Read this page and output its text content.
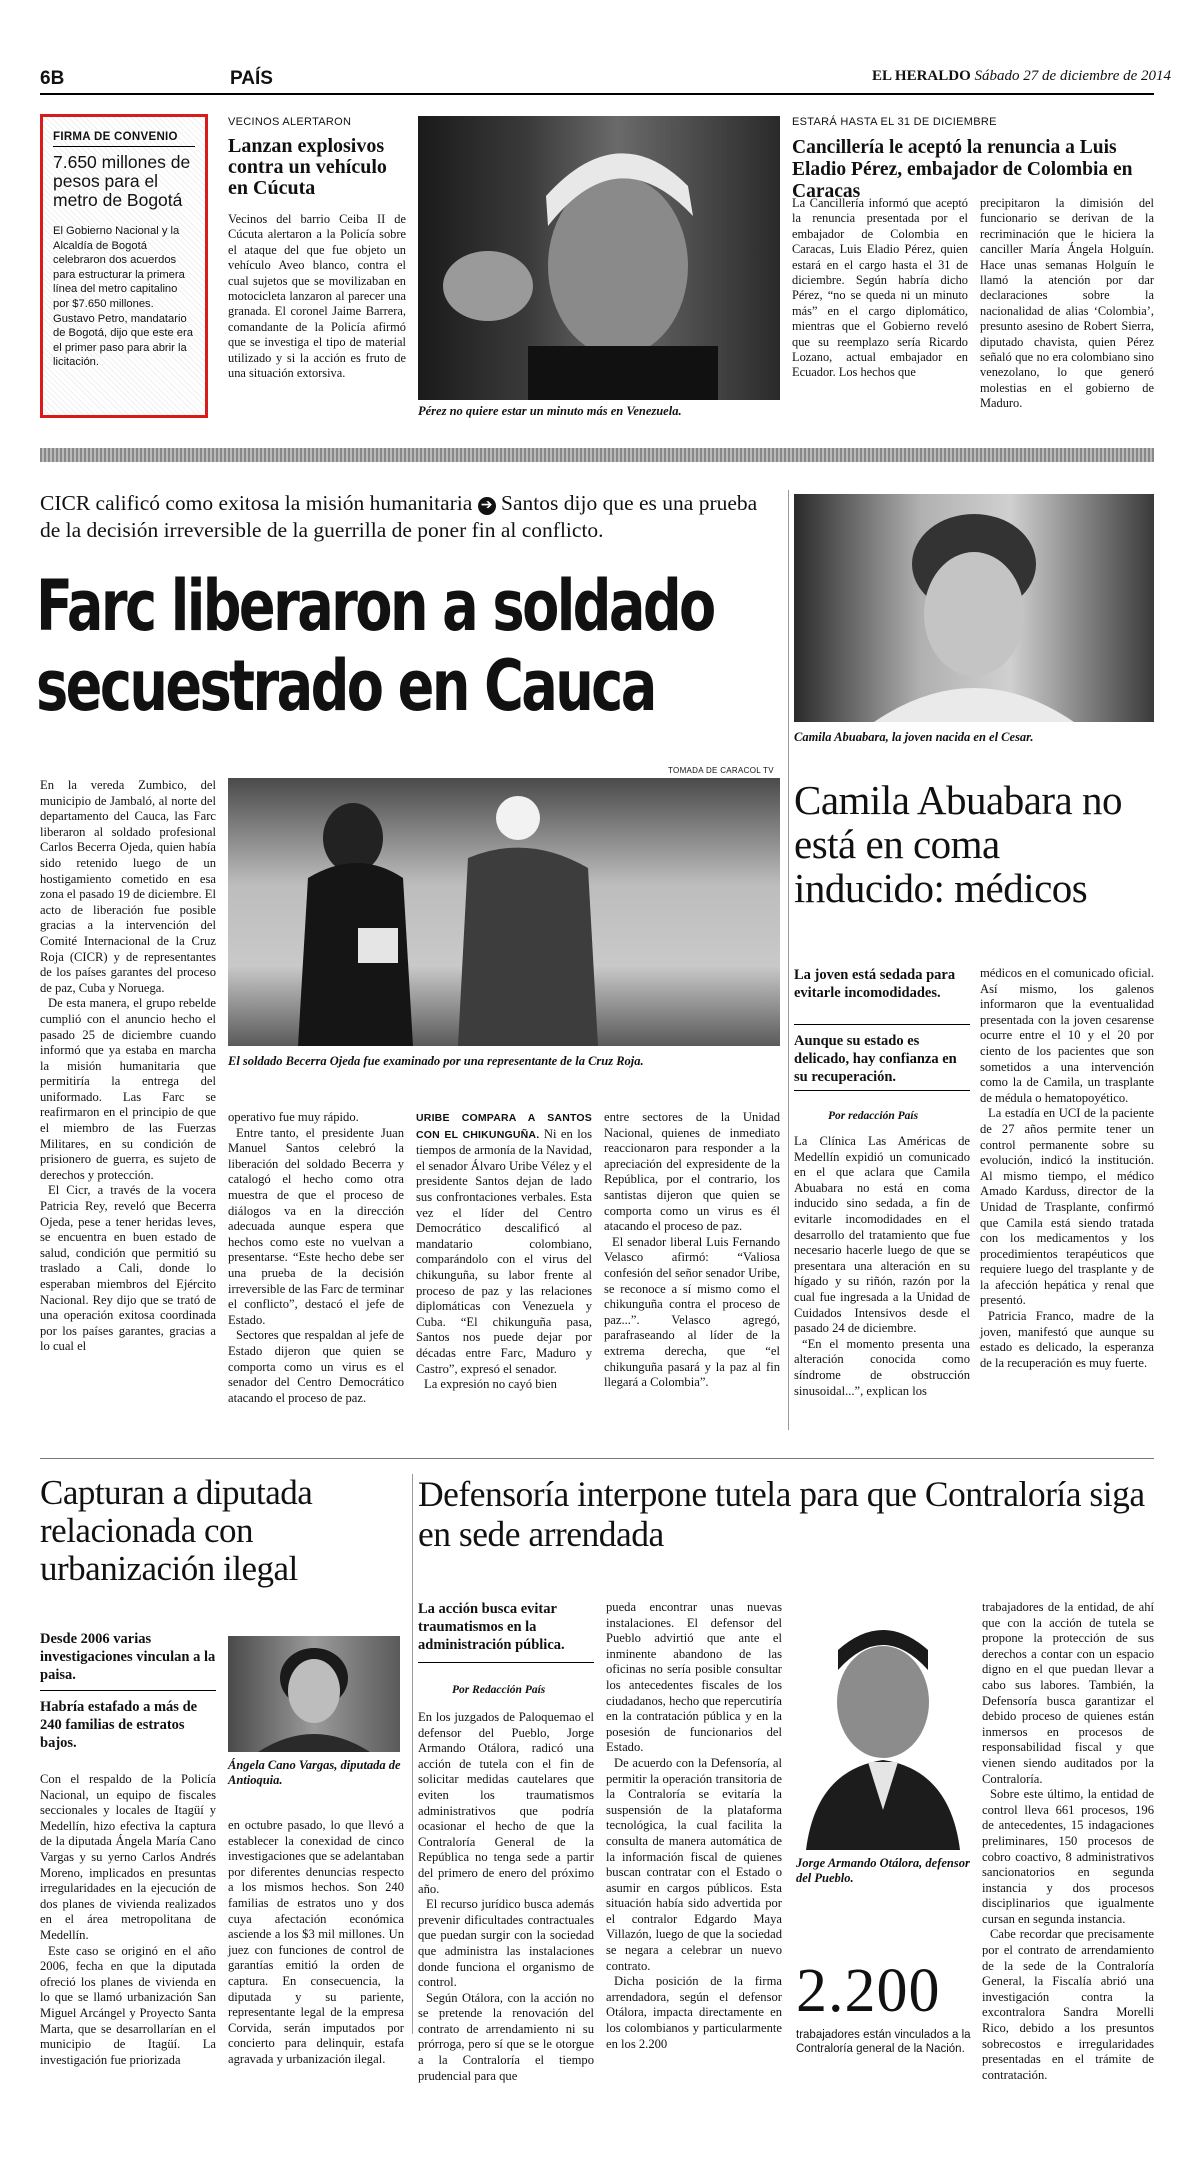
6B	PAÍS	EL HERALDO Sábado 27 de diciembre de 2014
FIRMA DE CONVENIO
7.650 millones de pesos para el metro de Bogotá
El Gobierno Nacional y la Alcaldía de Bogotá celebraron dos acuerdos para estructurar la primera línea del metro capitalino por $7.650 millones. Gustavo Petro, mandatario de Bogotá, dijo que este era el primer paso para abrir la licitación.
VECINOS ALERTARON
Lanzan explosivos contra un vehículo en Cúcuta
Vecinos del barrio Ceiba II de Cúcuta alertaron a la Policía sobre el ataque del que fue objeto un vehículo Aveo blanco, contra el cual sujetos que se movilizaban en motocicleta lanzaron al parecer una granada. El coronel Jaime Barrera, comandante de la Policía afirmó que se investiga el tipo de material utilizado y si la acción es fruto de una situación extorsiva.
Pérez no quiere estar un minuto más en Venezuela.
ESTARÁ HASTA EL 31 DE DICIEMBRE
Cancillería le aceptó la renuncia a Luis Eladio Pérez, embajador de Colombia en Caracas
La Cancillería informó que aceptó la renuncia presentada por el embajador de Colombia en Caracas, Luis Eladio Pérez, quien estará en el cargo hasta el 31 de diciembre. Según habría dicho Pérez, “no se queda ni un minuto más” en el cargo diplomático, mientras que el Gobierno reveló que su reemplazo sería Ricardo Lozano, actual embajador en Ecuador. Los hechos que
precipitaron la dimisión del funcionario se derivan de la recriminación que le hiciera la canciller María Ángela Holguín. Hace unas semanas Holguín le llamó la atención por dar declaraciones sobre la nacionalidad de alias ‘Colombia’, presunto asesino de Robert Sierra, diputado chavista, quien Pérez señaló que no era colombiano sino venezolano, lo que generó molestias en el gobierno de Maduro.
CICR calificó como exitosa la misión humanitaria ➔ Santos dijo que es una prueba de la decisión irreversible de la guerrilla de poner fin al conflicto.
Farc liberaron a soldado
secuestrado en Cauca
TOMADA DE CARACOL TV
El soldado Becerra Ojeda fue examinado por una representante de la Cruz Roja.

En la vereda Zumbico, del municipio de Jambaló, al norte del departamento del Cauca, las Farc liberaron al soldado profesional Carlos Becerra Ojeda, quien había sido retenido luego de un hostigamiento cometido en esa zona el pasado 19 de diciembre. El acto de liberación fue posible gracias a la intervención del Comité Internacional de la Cruz Roja (CICR) y de representantes de los países garantes del proceso de paz, Cuba y Noruega.

De esta manera, el grupo rebelde cumplió con el anuncio hecho el pasado 25 de diciembre cuando informó que ya estaba en marcha la misión humanitaria que permitiría la entrega del uniformado. Las Farc se reafirmaron en el principio de que el miembro de las Fuerzas Militares, en su condición de prisionero de guerra, es sujeto de derechos y protección.

El Cicr, a través de la vocera Patricia Rey, reveló que Becerra Ojeda, pese a tener heridas leves, se encuentra en buen estado de salud, condición que permitió su traslado a Cali, donde lo esperaban miembros del Ejército Nacional. Rey dijo que se trató de una operación exitosa coordinada por los países garantes, gracias a lo cual el

operativo fue muy rápido.

Entre tanto, el presidente Juan Manuel Santos celebró la liberación del soldado Becerra y catalogó el hecho como otra muestra de que el proceso de diálogos va en la dirección adecuada aunque espera que hechos como este no vuelvan a presentarse. “Este hecho debe ser una prueba de la decisión irreversible de las Farc de terminar el conflicto”, destacó el jefe de Estado.

Sectores que respaldan al jefe de Estado dijeron que quien se comporta como un virus es el senador del Centro Democrático atacando el proceso de paz.

URIBE COMPARA A SANTOS CON EL CHIKUNGUÑA. Ni en los tiempos de armonía de la Navidad, el senador Álvaro Uribe Vélez y el presidente Santos dejan de lado sus confrontaciones verbales. Esta vez el líder del Centro Democrático descalificó al mandatario colombiano, comparándolo con el virus del chikunguña, su labor frente al proceso de paz y las relaciones diplomáticas con Venezuela y Cuba. “El chikunguña pasa, Santos nos puede dejar por décadas entre Farc, Maduro y Castro”, expresó el senador.

La expresión no cayó bien

entre sectores de la Unidad Nacional, quienes de inmediato reaccionaron para responder a la apreciación del expresidente de la República, por el contrario, los santistas dijeron que quien se comporta como un virus es él atacando el proceso de paz.

El senador liberal Luis Fernando Velasco afirmó: “Valiosa confesión del señor senador Uribe, se reconoce a sí mismo como el chikunguña contra el proceso de paz...”. Velasco agregó, parafraseando al líder de la extrema derecha, que “el chikunguña pasará y la paz al fin llegará a Colombia”.

Camila Abuabara, la joven nacida en el Cesar.
Camila Abuabara no está en coma inducido: médicos
La joven está sedada para evitarle incomodidades.
Aunque su estado es delicado, hay confianza en su recuperación.
Por redacción País

La Clínica Las Américas de Medellín expidió un comunicado en el que aclara que Camila Abuabara no está en coma inducido sino sedada, a fin de evitarle incomodidades en el desarrollo del tratamiento que fue necesario hacerle luego de que se presentara una alteración en su hígado y su riñón, razón por la cual fue ingresada a la Unidad de Cuidados Intensivos desde el pasado 24 de diciembre.

“En el momento presenta una alteración conocida como síndrome de obstrucción sinusoidal...”, explican los

médicos en el comunicado oficial. Así mismo, los galenos informaron que la eventualidad presentada con la joven cesarense ocurre entre el 10 y el 20 por ciento de los pacientes que son sometidos a una intervención como la de Camila, un trasplante de médula o hematopoyético.

La estadía en UCI de la paciente de 27 años permite tener un control permanente sobre su evolución, indicó la institución. Al mismo tiempo, el médico Amado Karduss, director de la Unidad de Trasplante, confirmó que Camila está siendo tratada con los medicamentos y los procedimientos terapéuticos que requiere luego del trasplante y de la afección hepática y renal que presentó.

Patricia Franco, madre de la joven, manifestó que aunque su estado es delicado, la esperanza de la recuperación es muy fuerte.

Capturan a diputada relacionada con urbanización ilegal
Desde 2006 varias investigaciones vinculan a la paisa.
Habría estafado a más de 240 familias de estratos bajos.
Ángela Cano Vargas, diputada de Antioquia.

Con el respaldo de la Policía Nacional, un equipo de fiscales seccionales y locales de Itagüí y Medellín, hizo efectiva la captura de la diputada Ángela María Cano Vargas y su yerno Carlos Andrés Moreno, implicados en presuntas irregularidades en la ejecución de dos planes de vivienda realizados en el área metropolitana de Medellín.

Este caso se originó en el año 2006, fecha en que la diputada ofreció los planes de vivienda en lo que se llamó urbanización San Miguel Arcángel y Proyecto Santa Marta, que se desarrollarían en el municipio de Itagüí. La investigación fue priorizada

en octubre pasado, lo que llevó a establecer la conexidad de cinco investigaciones que se adelantaban por diferentes denuncias respecto a los mismos hechos. Son 240 familias de estratos uno y dos cuya afectación económica asciende a los $3 mil millones. Un juez con funciones de control de garantías emitió la orden de captura. En consecuencia, la diputada y su pariente, representante legal de la empresa Corvida, serán imputados por concierto para delinquir, estafa agravada y urbanización ilegal.
Defensoría interpone tutela para que Contraloría siga en sede arrendada
La acción busca evitar traumatismos en la administración pública.
Por Redacción País

En los juzgados de Paloquemao el defensor del Pueblo, Jorge Armando Otálora, radicó una acción de tutela con el fin de solicitar medidas cautelares que eviten los traumatismos administrativos que podría ocasionar el hecho de que la Contraloría General de la República no tenga sede a partir del primero de enero del próximo año.

El recurso jurídico busca además prevenir dificultades contractuales que puedan surgir con la sociedad que administra las instalaciones donde funciona el organismo de control.

Según Otálora, con la acción no se pretende la renovación del contrato de arrendamiento ni su prórroga, pero sí que se le otorgue a la Contraloría el tiempo prudencial para que

pueda encontrar unas nuevas instalaciones. El defensor del Pueblo advirtió que ante el inminente abandono de las oficinas no sería posible consultar los antecedentes fiscales de los ciudadanos, hecho que repercutiría en la contratación pública y en la posesión de funcionarios del Estado.

De acuerdo con la Defensoría, al permitir la operación transitoria de la Contraloría se evitaría la suspensión de la plataforma tecnológica, la cual facilita la consulta de manera automática de la información fiscal de quienes buscan contratar con el Estado o asumir en cargos públicos. Esta situación había sido advertida por el contralor Edgardo Maya Villazón, luego de que la sociedad se negara a celebrar un nuevo contrato.

Dicha posición de la firma arrendadora, según el defensor Otálora, impacta directamente en los colombianos y particularmente en los 2.200

Jorge Armando Otálora, defensor del Pueblo.
2.200
trabajadores están vinculados a la Contraloría general de la Nación.

trabajadores de la entidad, de ahí que con la acción de tutela se propone la protección de sus derechos a contar con un espacio digno en el que puedan llevar a cabo sus labores. También, la Defensoría busca garantizar el debido proceso de quienes están inmersos en procesos de responsabilidad fiscal y que vienen siendo auditados por la Contraloría.

Sobre este último, la entidad de control lleva 661 procesos, 196 de antecedentes, 15 indagaciones preliminares, 150 procesos de cobro coactivo, 8 administrativos sancionatorios en segunda instancia y dos procesos disciplinarios que igualmente cursan en segunda instancia.

Cabe recordar que precisamente por el contrato de arrendamiento de la sede de la Contraloría General, la Fiscalía abrió una investigación contra la excontralora Sandra Morelli Rico, debido a los presuntos sobrecostos e irregularidades presentadas en el trámite de contratación.
